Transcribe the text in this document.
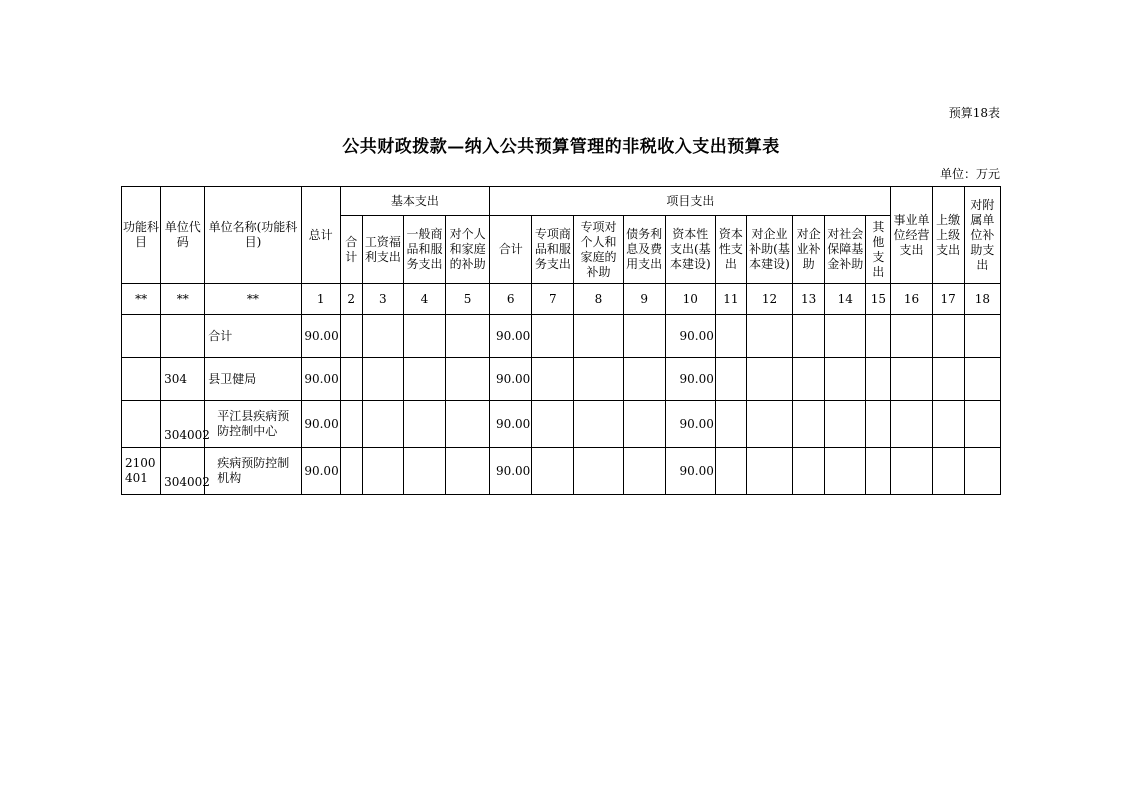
预算18表
公共财政拨款—纳入公共预算管理的非税收入支出预算表
单位：万元
功能科目	单位代码	单位名称(功能科目)	总计	基本支出				项目支出										事业单位经营支出	上缴上级支出	对附属单位补助支出
				合计	工资福利支出	一般商品和服务支出	对个人和家庭的补助	合计	专项商品和服务支出	专项对个人和家庭的补助	债务利息及费用支出	资本性支出(基本建设)	资本性支出	对企业补助(基本建设)	对企业补助	对社会保障基金补助	其他支出			
**	**	**	1	2	3	4	5	6	7	8	9	10	11	12	13	14	15	16	17	18
		合计	90.00					90.00				90.00								
	304	县卫健局	90.00					90.00				90.00								
	304002	平江县疾病预防控制中心	90.00					90.00				90.00								
2100401	304002	疾病预防控制机构	90.00					90.00				90.00								
